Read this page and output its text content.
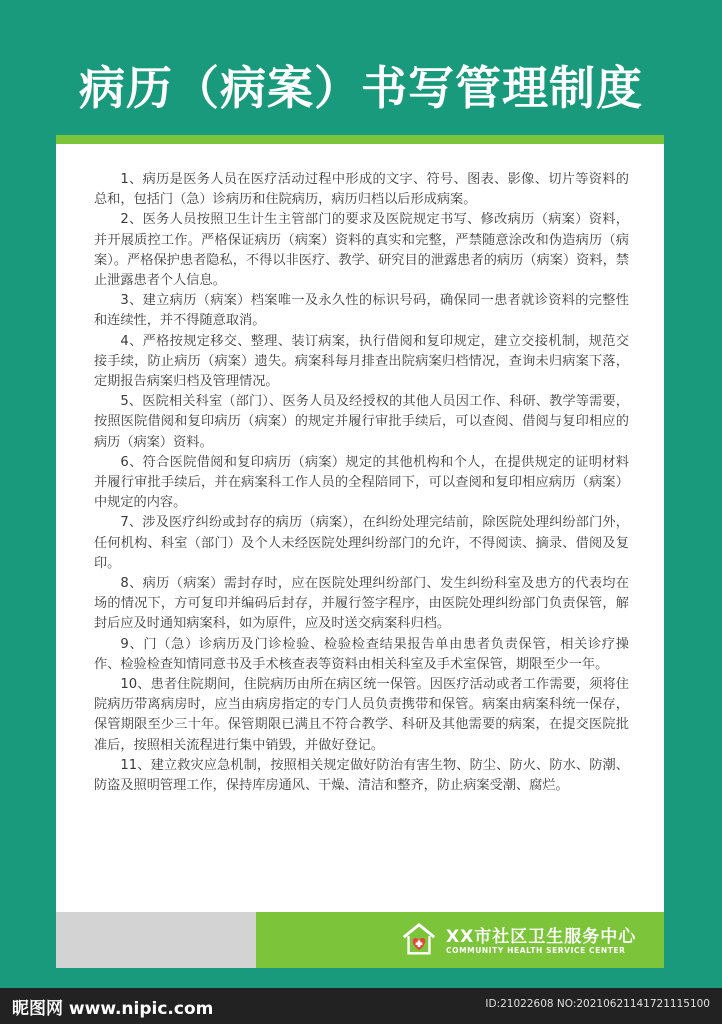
病历（病案）书写管理制度

1、病历是医务人员在医疗活动过程中形成的文字、符号、图表、影像、切片等资料的总和，包括门（急）诊病历和住院病历，病历归档以后形成病案。

2、医务人员按照卫生计生主管部门的要求及医院规定书写、修改病历（病案）资料，并开展质控工作。严格保证病历（病案）资料的真实和完整，严禁随意涂改和伪造病历（病案）。严格保护患者隐私，不得以非医疗、教学、研究目的泄露患者的病历（病案）资料，禁止泄露患者个人信息。

3、建立病历（病案）档案唯一及永久性的标识号码，确保同一患者就诊资料的完整性和连续性，并不得随意取消。

4、严格按规定移交、整理、装订病案，执行借阅和复印规定，建立交接机制，规范交接手续，防止病历（病案）遗失。病案科每月排查出院病案归档情况，查询未归病案下落，定期报告病案归档及管理情况。

5、医院相关科室（部门）、医务人员及经授权的其他人员因工作、科研、教学等需要，按照医院借阅和复印病历（病案）的规定并履行审批手续后，可以查阅、借阅与复印相应的病历（病案）资料。

6、符合医院借阅和复印病历（病案）规定的其他机构和个人，在提供规定的证明材料并履行审批手续后，并在病案科工作人员的全程陪同下，可以查阅和复印相应病历（病案）中规定的内容。

7、涉及医疗纠纷或封存的病历（病案），在纠纷处理完结前，除医院处理纠纷部门外，任何机构、科室（部门）及个人未经医院处理纠纷部门的允许，不得阅读、摘录、借阅及复印。

8、病历（病案）需封存时，应在医院处理纠纷部门、发生纠纷科室及患方的代表均在场的情况下，方可复印并编码后封存，并履行签字程序，由医院处理纠纷部门负责保管，解封后应及时通知病案科，如为原件，应及时送交病案科归档。

9、门（急）诊病历及门诊检验、检验检查结果报告单由患者负责保管，相关诊疗操作、检验检查知情同意书及手术核查表等资料由相关科室及手术室保管，期限至少一年。

10、患者住院期间，住院病历由所在病区统一保管。因医疗活动或者工作需要，须将住院病历带离病房时，应当由病房指定的专门人员负责携带和保管。病案由病案科统一保存，保管期限至少三十年。保管期限已满且不符合教学、科研及其他需要的病案，在提交医院批准后，按照相关流程进行集中销毁，并做好登记。

11、建立救灾应急机制，按照相关规定做好防治有害生物、防尘、防火、防水、防潮、防盗及照明管理工作，保持库房通风、干燥、清洁和整齐，防止病案受潮、腐烂。

XX市社区卫生服务中心
COMMUNITY HEALTH SERVICE CENTER
昵图网 www.nipic.com	ID:21022608 NO:20210621141721115100
